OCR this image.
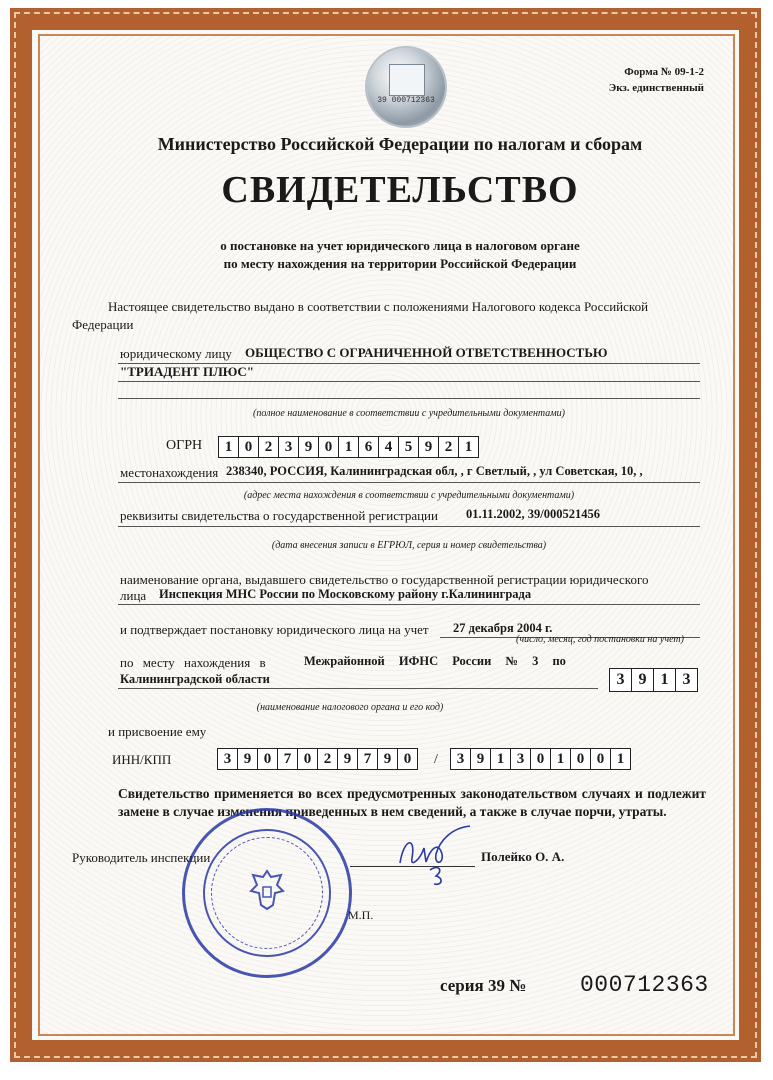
39 000712363
Форма № 09-1-2
Экз. единственный
Министерство Российской Федерации по налогам и сборам
СВИДЕТЕЛЬСТВО
о постановке на учет юридического лица в налоговом органе
по месту нахождения на территории Российской Федерации
Настоящее свидетельство выдано в соответствии с положениями Налогового кодекса Российской
Федерации
юридическому лицу ОБЩЕСТВО С ОГРАНИЧЕННОЙ ОТВЕТСТВЕННОСТЬЮ
"ТРИАДЕНТ ПЛЮС"
(полное наименование в соответствии с учредительными документами)
ОГРН	1 0 2 3 9 0 1 6 4 5 9 2 1
местонахождения 238340, РОССИЯ, Калининградская обл, , г Светлый, , ул Советская, 10, ,
(адрес места нахождения в соответствии с учредительными документами)
реквизиты свидетельства о государственной регистрации 01.11.2002, 39/000521456
(дата внесения записи в ЕГРЮЛ, серия и номер свидетельства)
наименование органа, выдавшего свидетельство о государственной регистрации юридического
лица Инспекция МНС России по Московскому району г.Калининграда
и подтверждает постановку юридического лица на учет 27 декабря 2004 г.
(число, месяц, год постановки на учет)
по месту нахождения в	Межрайонной ИФНС России № 3 по
Калининградской области	3 9 1 3
(наименование налогового органа и его код)
и присвоение ему
ИНН/КПП	3 9 0 7 0 2 9 7 9 0	/	3 9 1 3 0 1 0 0 1
Свидетельство применяется во всех предусмотренных законодательством случаях и подлежит замене в случае изменения приведенных в нем сведений, а также в случае порчи, утраты.
Руководитель инспекции	Полейко О. А.
М.П.
серия 39 № 000712363
